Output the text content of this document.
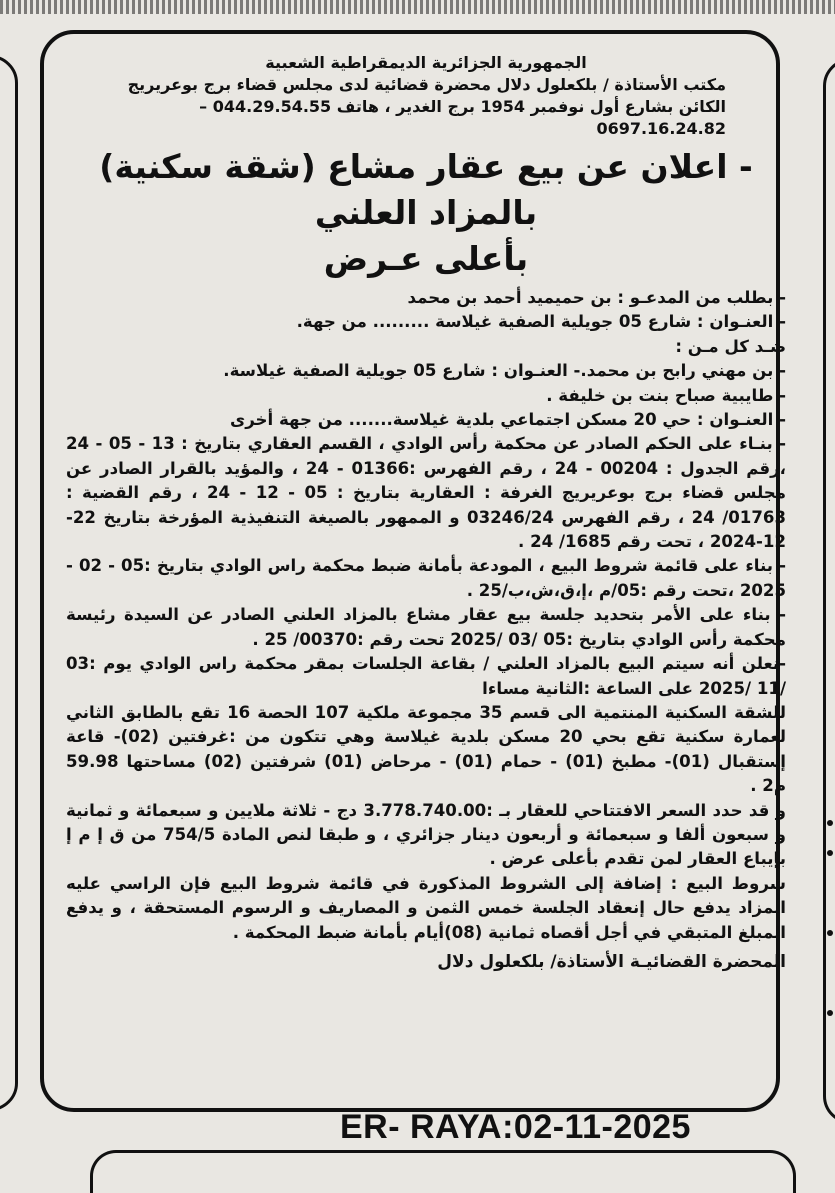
الجمهورية الجزائرية الديمقراطية الشعبية
مكتب الأستاذة / بلكعلول دلال محضرة قضائية لدى مجلس قضاء برج بوعريريج
الكائن بشارع أول نوفمبر 1954 برج الغدير ، هاتف 044.29.54.55 – 0697.16.24.82
- اعلان عن بيع عقار مشاع (شقة سكنية) بالمزاد العلني
بأعلى عـرض

- بطلب من المدعـو : بن حميميد أحمد بن محمد

- العنـوان : شارع 05 جويلية الصفية غيلاسة ......... من جهة.

ضـد كل مـن :

- بن مهني رابح بن محمد.- العنـوان : شارع 05 جويلية الصفية غيلاسة.

- طايبية صباح بنت بن خليفة .

- العنـوان : حي 20 مسكن اجتماعي بلدية غيلاسة....... من جهة أخرى

- بنـاء على الحكم الصادر عن محكمة رأس الوادي ، القسم العقاري بتاريخ : 13 - 05 - 24 ،رقم الجدول : 00204 - 24 ، رقم الفهرس :01366 - 24 ، والمؤيد بالقرار الصادر عن مجلس قضاء برج بوعريريج الغرفة : العقارية بتاريخ : 05 - 12 - 24 ، رقم القضية : 01763/ 24 ، رقم الفهرس 03246/24 و الممهور بالصيغة التنفيذية المؤرخة بتاريخ 22-12-2024 ، تحت رقم 1685/ 24 .

- بناء على قائمة شروط البيع ، المودعة بأمانة ضبط محكمة راس الوادي بتاريخ :05 - 02 - 2025 ،تحت رقم :05/م ،إ،ق،ش،ب/25 .

- بناء على الأمر بتحديد جلسة بيع عقار مشاع بالمزاد العلني الصادر عن السيدة رئيسة محكمة رأس الوادي بتاريخ :05 /03 /2025 تحت رقم :00370/ 25 .

-نعلن أنه سيتم البيع بالمزاد العلني / بقاعة الجلسات بمقر محكمة راس الوادي يوم :03 /11 /2025 على الساعة :الثانية مساءا

للشقة السكنية المنتمية الى قسم 35 مجموعة ملكية 107 الحصة 16 تقع بالطابق الثاني لعمارة سكنية تقع بحي 20 مسكن بلدية غيلاسة وهي تتكون من :غرفتين (02)- قاعة إستقبال (01)- مطبخ (01) - حمام (01) - مرحاض (01) شرفتين (02) مساحتها 59.98 م2 .

و قد حدد السعر الافتتاحي للعقار بـ :3.778.740.00 دج - ثلاثة ملايين و سبعمائة و ثمانية و سبعون ألفا و سبعمائة و أربعون دينار جزائري ، و طبقا لنص المادة 754/5 من ق إ م إ بإيباع العقار لمن تقدم بأعلى عرض .

شروط البيع : إضافة إلى الشروط المذكورة في قائمة شروط البيع فإن الراسي عليه المزاد يدفع حال إنعقاد الجلسة خمس الثمن و المصاريف و الرسوم المستحقة ، و يدفع المبلغ المتبقي في أجل أقصاه ثمانية (08)أيام بأمانة ضبط المحكمة .

المحضرة القضائيـة الأستاذة/ بلكعلول دلال
ER- RAYA:02-11-2025
